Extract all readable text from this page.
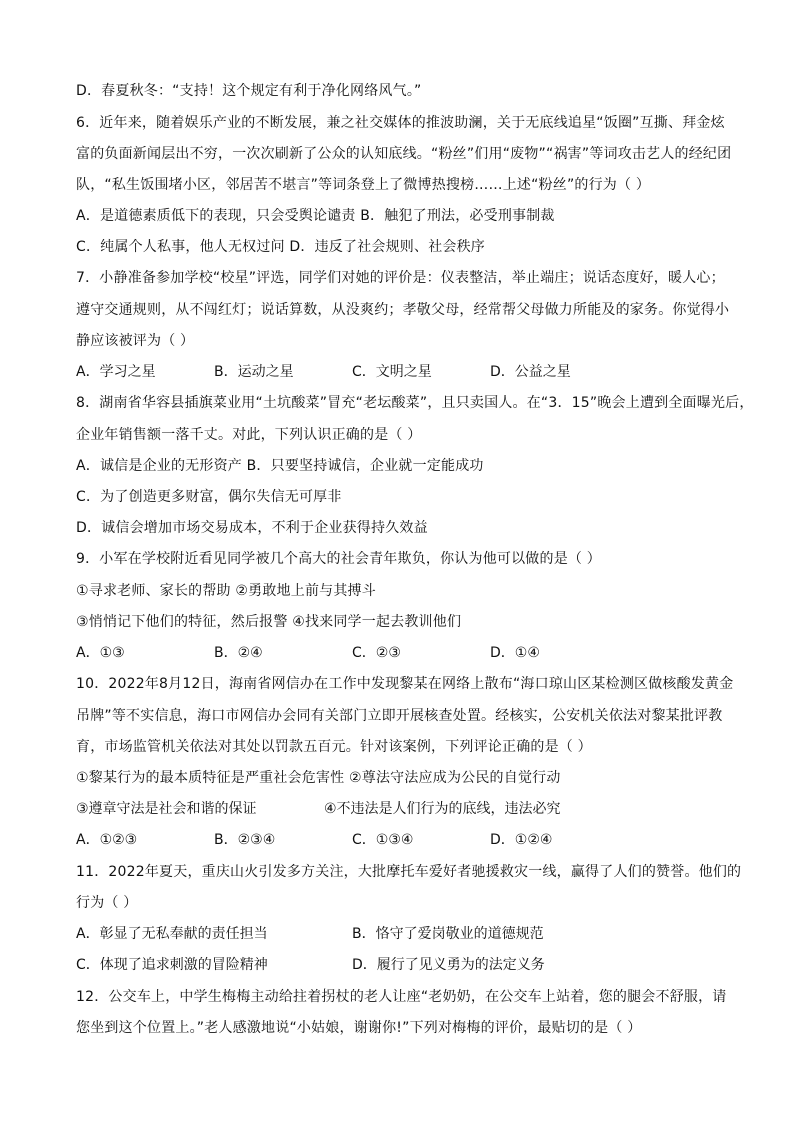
D．春夏秋冬：“支持！这个规定有利于净化网络风气。”
6．近年来，随着娱乐产业的不断发展，兼之社交媒体的推波助澜，关于无底线追星“饭圈”互撕、拜金炫
富的负面新闻层出不穷，一次次刷新了公众的认知底线。“粉丝”们用“废物”“祸害”等词攻击艺人的经纪团
队，“私生饭围堵小区，邻居苦不堪言”等词条登上了微博热搜榜……上述“粉丝”的行为（ ）
A．是道德素质低下的表现，只会受舆论谴责 B．触犯了刑法，必受刑事制裁
C．纯属个人私事，他人无权过问 D．违反了社会规则、社会秩序
7．小静准备参加学校“校星”评选，同学们对她的评价是：仪表整洁，举止端庄；说话态度好，暖人心；
遵守交通规则，从不闯红灯；说话算数，从没爽约；孝敬父母，经常帮父母做力所能及的家务。你觉得小
静应该被评为（ ）
A．学习之星	B．运动之星	C．文明之星	D．公益之星
8．湖南省华容县插旗菜业用“土坑酸菜”冒充“老坛酸菜”，且只卖国人。在“3．15”晚会上遭到全面曝光后，
企业年销售额一落千丈。对此，下列认识正确的是（ ）
A．诚信是企业的无形资产 B．只要坚持诚信，企业就一定能成功
C．为了创造更多财富，偶尔失信无可厚非
D．诚信会增加市场交易成本，不利于企业获得持久效益
9．小军在学校附近看见同学被几个高大的社会青年欺负，你认为他可以做的是（ ）
①寻求老师、家长的帮助 ②勇敢地上前与其搏斗
③悄悄记下他们的特征，然后报警 ④找来同学一起去教训他们
A．①③	B．②④	C．②③	D．①④
10．2022年8月12日，海南省网信办在工作中发现黎某在网络上散布“海口琼山区某检测区做核酸发黄金
吊牌”等不实信息，海口市网信办会同有关部门立即开展核查处置。经核实，公安机关依法对黎某批评教
育，市场监管机关依法对其处以罚款五百元。针对该案例，下列评论正确的是（ ）
①黎某行为的最本质特征是严重社会危害性 ②尊法守法应成为公民的自觉行动
③遵章守法是社会和谐的保证	④不违法是人们行为的底线，违法必究
A．①②③	B．②③④	C．①③④	D．①②④
11．2022年夏天，重庆山火引发多方关注，大批摩托车爱好者驰援救灾一线，赢得了人们的赞誉。他们的
行为（ ）
A．彰显了无私奉献的责任担当	B．恪守了爱岗敬业的道德规范
C．体现了追求刺激的冒险精神	D．履行了见义勇为的法定义务
12．公交车上，中学生梅梅主动给拄着拐杖的老人让座“老奶奶，在公交车上站着，您的腿会不舒服，请
您坐到这个位置上。”老人感激地说“小姑娘，谢谢你!”下列对梅梅的评价，最贴切的是（ ）
